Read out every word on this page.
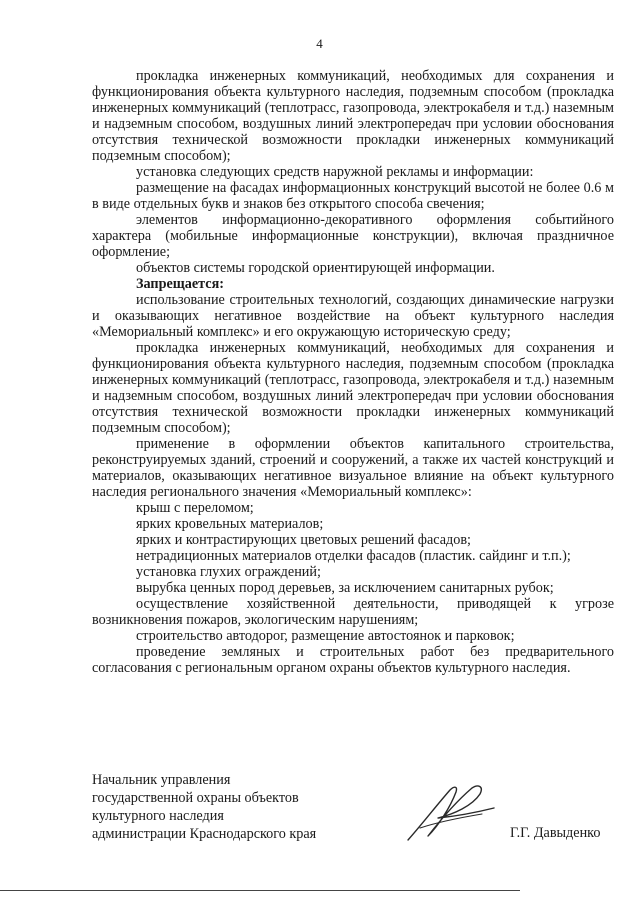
4

прокладка инженерных коммуникаций, необходимых для сохранения и функционирования объекта культурного наследия, подземным способом (прокладка инженерных коммуникаций (теплотрасс, газопровода, электрокабеля и т.д.) наземным и надземным способом, воздушных линий электропередач при условии обоснования отсутствия технической возможности прокладки инженерных коммуникаций подземным способом);

установка следующих средств наружной рекламы и информации:

размещение на фасадах информационных конструкций высотой не более 0.6 м в виде отдельных букв и знаков без открытого способа свечения;

элементов информационно-декоративного оформления событийного характера (мобильные информационные конструкции), включая праздничное оформление;

объектов системы городской ориентирующей информации.

Запрещается:

использование строительных технологий, создающих динамические нагрузки и оказывающих негативное воздействие на объект культурного наследия «Мемориальный комплекс» и его окружающую историческую среду;

прокладка инженерных коммуникаций, необходимых для сохранения и функционирования объекта культурного наследия, подземным способом (прокладка инженерных коммуникаций (теплотрасс, газопровода, электрокабеля и т.д.) наземным и надземным способом, воздушных линий электропередач при условии обоснования отсутствия технической возможности прокладки инженерных коммуникаций подземным способом);

применение в оформлении объектов капитального строительства, реконструируемых зданий, строений и сооружений, а также их частей конструкций и материалов, оказывающих негативное визуальное влияние на объект культурного наследия регионального значения «Мемориальный комплекс»:

крыш с переломом;

ярких кровельных материалов;

ярких и контрастирующих цветовых решений фасадов;

нетрадиционных материалов отделки фасадов (пластик. сайдинг и т.п.);

установка глухих ограждений;

вырубка ценных пород деревьев, за исключением санитарных рубок;

осуществление хозяйственной деятельности, приводящей к угрозе возникновения пожаров, экологическим нарушениям;

строительство автодорог, размещение автостоянок и парковок;

проведение земляных и строительных работ без предварительного согласования с региональным органом охраны объектов культурного наследия.

Начальник управления
государственной охраны объектов
культурного наследия
администрации Краснодарского края	Г.Г. Давыденко
